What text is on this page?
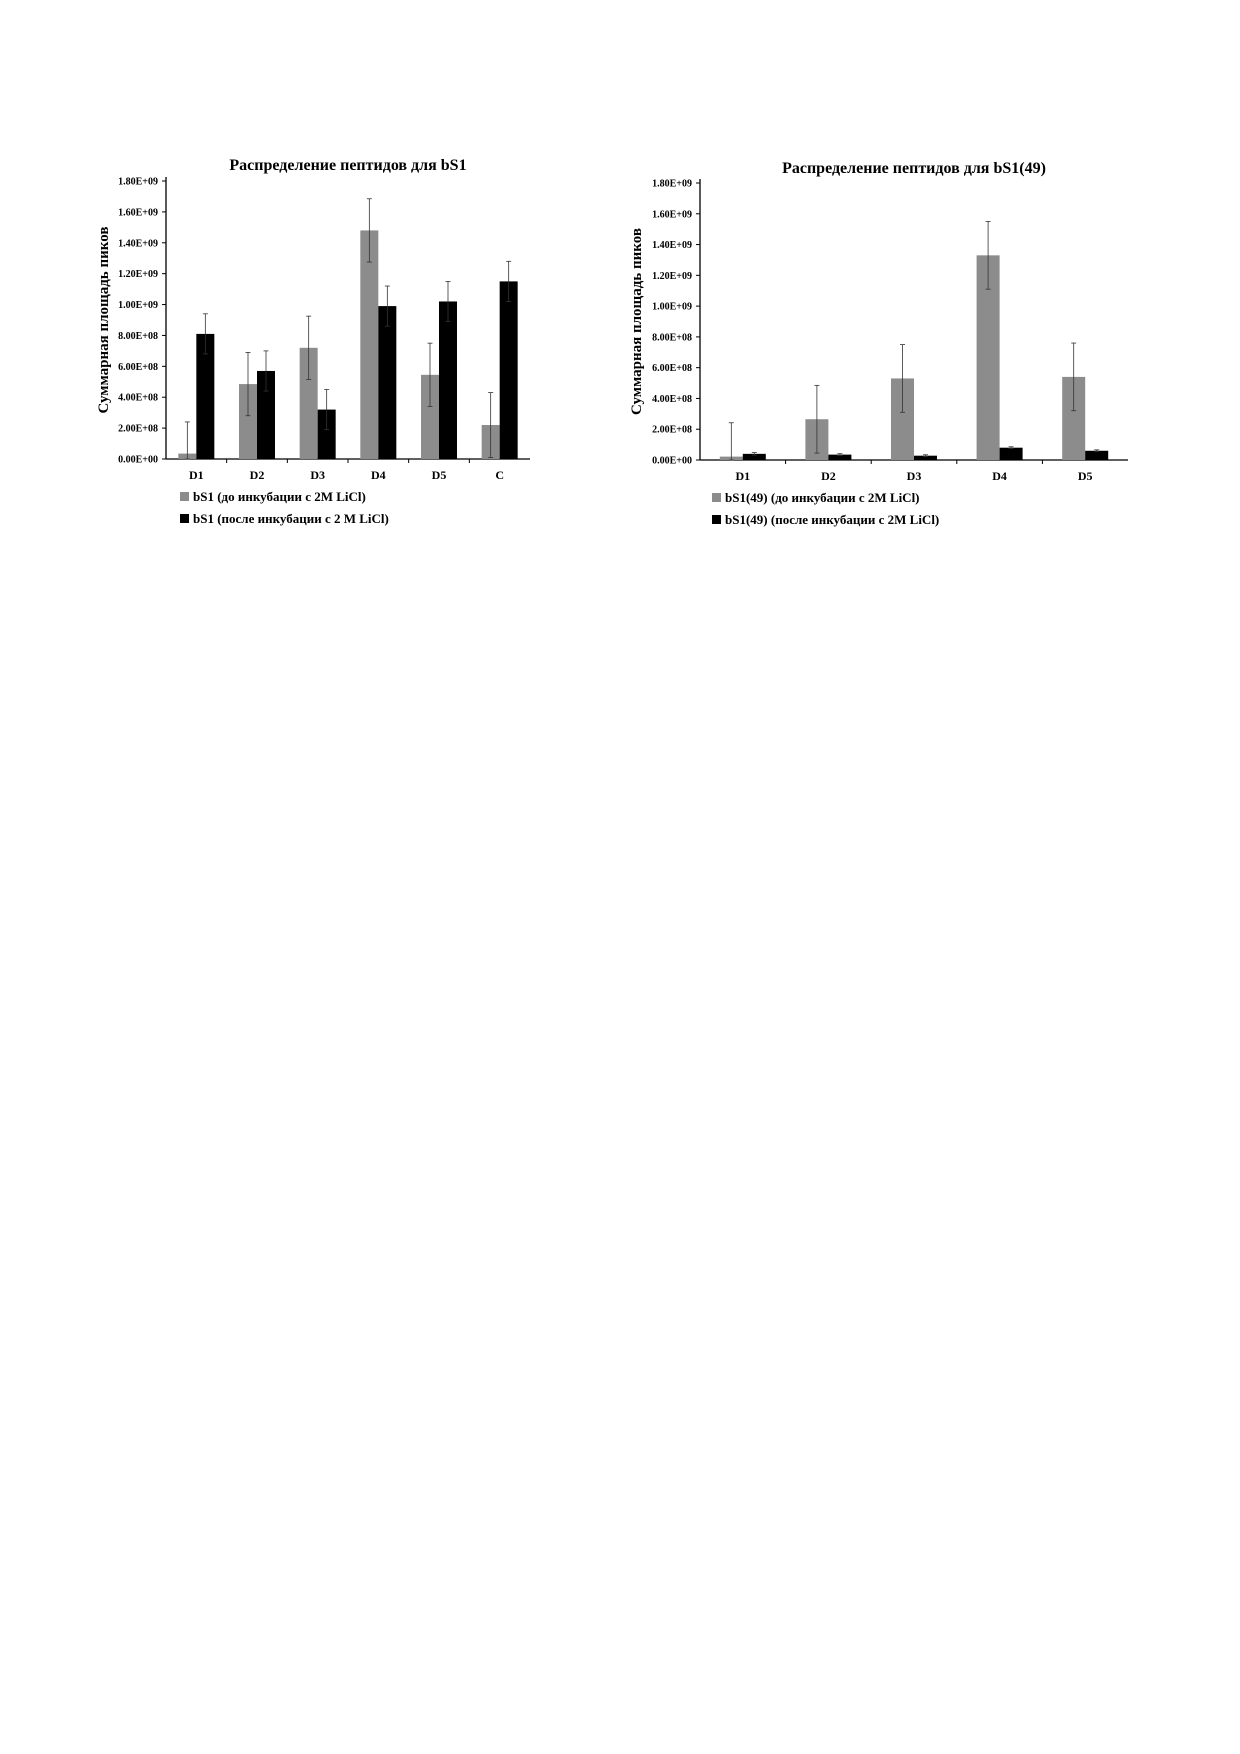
Распределение пептидов для bS1
Суммарная площадь пиков
0.00E+00
2.00E+08
4.00E+08
6.00E+08
8.00E+08
1.00E+09
1.20E+09
1.40E+09
1.60E+09
1.80E+09
D1	D2	D3	D4	D5	C
bS1 (до инкубации с 2M LiCl)
bS1 (после инкубации с 2 M LiCl)
Распределение пептидов для bS1(49)
Суммарная площадь пиков
0.00E+00
2.00E+08
4.00E+08
6.00E+08
8.00E+08
1.00E+09
1.20E+09
1.40E+09
1.60E+09
1.80E+09
D1	D2	D3	D4	D5
bS1(49) (до инкубации с 2M LiCl)
bS1(49) (после инкубации с 2M LiCl)
